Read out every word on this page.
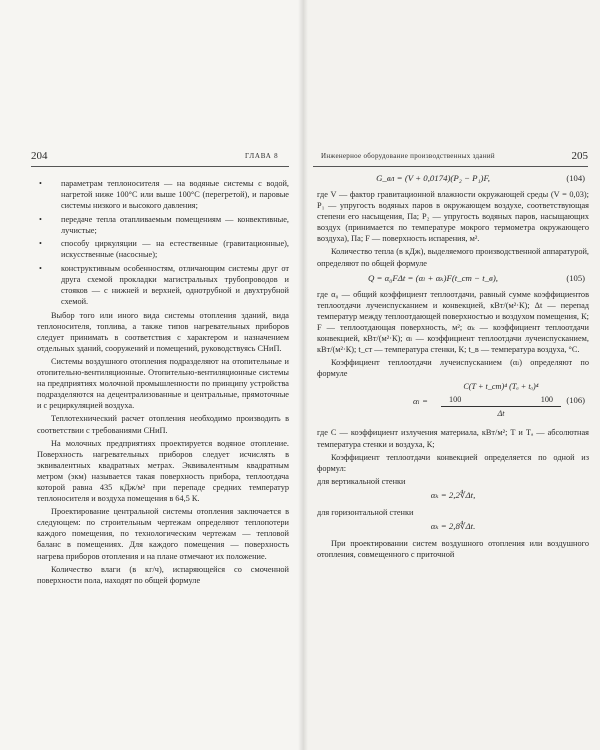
204	ГЛАВА 8
• параметрам теплоносителя — на водяные системы с водой, нагретой ниже 100°С или выше 100°С (перегретой), и паровые системы низкого и высокого давления;
• передаче тепла отапливаемым помещениям — конвективные, лучистые;
• способу циркуляции — на естественные (гравитационные), искусственные (насосные);
• конструктивным особенностям, отличающим системы друг от друга схемой прокладки магистральных трубопроводов и стояков — с нижней и верхней, однотрубной и двухтрубной схемой.

Выбор того или иного вида системы отопления зданий, вида теплоносителя, топлива, а также типов нагревательных приборов следует принимать в соответствия с характером и назначением отдельных зданий, сооружений и помещений, руководствуясь СНиП.

Системы воздушного отопления подразделяют на отопительные и отопительно-вентиляционные. Отопительно-вентиляционные системы на предприятиях молочной промышленности по принципу устройства подразделяются на децентрализованные и центральные, прямоточные и с рециркуляцией воздуха.

Теплотехнический расчет отопления необходимо производить в соответствии с требованиями СНиП.

На молочных предприятиях проектируется водяное отопление. Поверхность нагревательных приборов следует исчислять в эквивалентных квадратных метрах. Эквивалентным квадратным метром (экм) называется такая поверхность прибора, теплоотдача которой равна 435 кДж/м² при перепаде средних температур теплоносителя и воздуха помещения в 64,5 К.

Проектирование центральной системы отопления заключается в следующем: по строительным чертежам определяют теплопотери каждого помещения, по технологическим чертежам — тепловой баланс в помещениях. Для каждого помещения — поверхность нагрева приборов отопления и на плане отмечают их положение.

Количество влаги (в кг/ч), испаряющейся со смоченной поверхности пола, находят по общей формуле

Инженерное оборудование производственных зданий	205
G_вл = (V + 0,0174)(P₂ − P₁)F,	(104)

где V — фактор гравитационной влажности окружающей среды (V = 0,03); P₁ — упругость водяных паров в окружающем воздухе, соответствующая степени его насыщения, Па; P₂ — упругость водяных паров, насыщающих воздух (принимается по температуре мокрого термометра окружающего воздуха), Па; F — поверхность испарения, м².

Количество тепла (в кДж), выделяемого производственной аппаратурой, определяют по общей формуле

Q = α₀FΔt = (αₗ + αₖ)F(t_ст − t_в),	(105)

где α₀ — общий коэффициент теплоотдачи, равный сумме коэффициентов теплоотдачи лучеиспусканием и конвекцией, кВт/(м²·К); Δt — перепад температур между теплоотдающей поверхностью и воздухом помещения, К; F — теплоотдающая поверхность, м²; αₖ — коэффициент теплоотдачи конвекцией, кВт/(м²·К); αₗ — коэффициент теплоотдачи лучеиспусканием, кВт/(м²·К); t_ст — температура стенки, К; t_в — температура воздуха, °С.

Коэффициент теплоотдачи лучеиспусканием (αₗ) определяют по формуле

αₗ =
C(T + t_ст)⁴ (Tₐ + tₐ)⁴
100	100
Δt
(106)

где C — коэффициент излучения материала, кВт/м²; T и Tₐ — абсолютная температура стенки и воздуха, К;

Коэффициент теплоотдачи конвекцией определяется по одной из формул:

для вертикальной стенки
αₖ = 2,2∜Δt,
для горизонтальной стенки
αₖ = 2,8∜Δt.

При проектировании систем воздушного отопления или воздушного отопления, совмещенного с приточной
